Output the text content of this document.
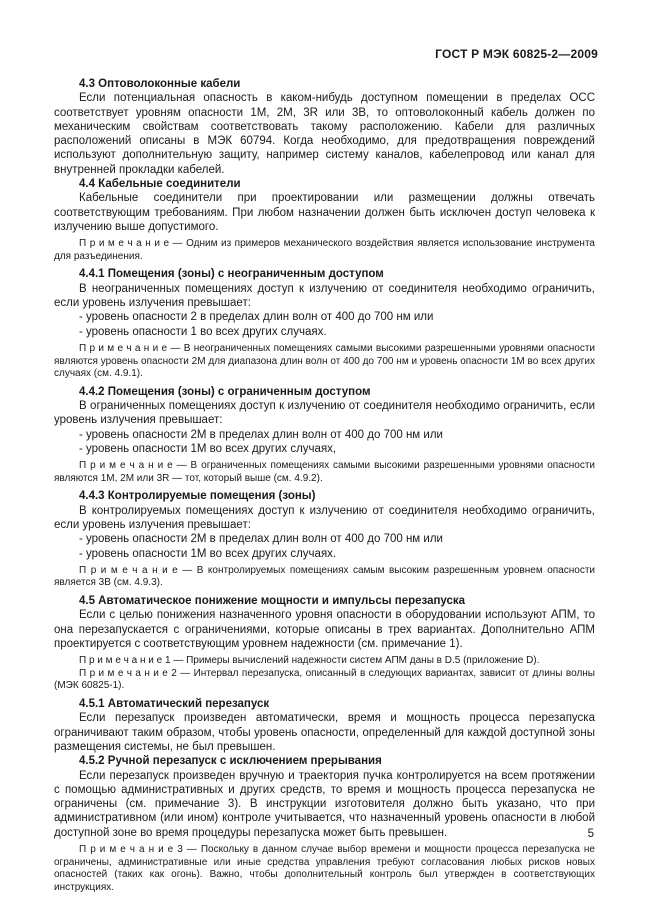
ГОСТ Р МЭК 60825-2—2009

4.3 Оптоволоконные кабели

Если потенциальная опасность в каком-нибудь доступном помещении в пределах ОСС соответствует уровням опасности 1М, 2М, 3R или 3В, то оптоволоконный кабель должен по механическим свойствам соответствовать такому расположению. Кабели для различных расположений описаны в МЭК 60794. Когда необходимо, для предотвращения повреждений используют дополнительную защиту, например систему каналов, кабелепровод или канал для внутренней прокладки кабелей.

4.4 Кабельные соединители

Кабельные соединители при проектировании или размещении должны отвечать соответствующим требованиям. При любом назначении должен быть исключен доступ человека к излучению выше допустимого.

П р и м е ч а н и е — Одним из примеров механического воздействия является использование инструмента для разъединения.

4.4.1 Помещения (зоны) с неограниченным доступом

В неограниченных помещениях доступ к излучению от соединителя необходимо ограничить, если уровень излучения превышает:

- уровень опасности 2 в пределах длин волн от 400 до 700 нм или

- уровень опасности 1 во всех других случаях.

П р и м е ч а н и е — В неограниченных помещениях самыми высокими разрешенными уровнями опасности являются уровень опасности 2М для диапазона длин волн от 400 до 700 нм и уровень опасности 1М во всех других случаях (см. 4.9.1).

4.4.2 Помещения (зоны) с ограниченным доступом

В ограниченных помещениях доступ к излучению от соединителя необходимо ограничить, если уровень излучения превышает:

- уровень опасности 2М в пределах длин волн от 400 до 700 нм или

- уровень опасности 1М во всех других случаях,

П р и м е ч а н и е — В ограниченных помещениях самыми высокими разрешенными уровнями опасности являются 1М, 2М или 3R — тот, который выше (см. 4.9.2).

4.4.3 Контролируемые помещения (зоны)

В контролируемых помещениях доступ к излучению от соединителя необходимо ограничить, если уровень излучения превышает:

- уровень опасности 2М в пределах длин волн от 400 до 700 нм или

- уровень опасности 1М во всех других случаях.

П р и м е ч а н и е — В контролируемых помещениях самым высоким разрешенным уровнем опасности является 3В (см. 4.9.3).

4.5 Автоматическое понижение мощности и импульсы перезапуска

Если с целью понижения назначенного уровня опасности в оборудовании используют АПМ, то она перезапускается с ограничениями, которые описаны в трех вариантах. Дополнительно АПМ проектируется с соответствующим уровнем надежности (см. примечание 1).

П р и м е ч а н и е 1 — Примеры вычислений надежности систем АПМ даны в D.5 (приложение D).

П р и м е ч а н и е 2 — Интервал перезапуска, описанный в следующих вариантах, зависит от длины волны (МЭК 60825-1).

4.5.1 Автоматический перезапуск

Если перезапуск произведен автоматически, время и мощность процесса перезапуска ограничивают таким образом, чтобы уровень опасности, определенный для каждой доступной зоны размещения системы, не был превышен.

4.5.2 Ручной перезапуск с исключением прерывания

Если перезапуск произведен вручную и траектория пучка контролируется на всем протяжении с помощью административных и других средств, то время и мощность процесса перезапуска не ограничены (см. примечание 3). В инструкции изготовителя должно быть указано, что при административном (или ином) контроле учитывается, что назначенный уровень опасности в любой доступной зоне во время процедуры перезапуска может быть превышен.

П р и м е ч а н и е 3 — Поскольку в данном случае выбор времени и мощности процесса перезапуска не ограничены, административные или иные средства управления требуют согласования любых рисков новых опасностей (таких как огонь). Важно, чтобы дополнительный контроль был утвержден в соответствующих инструкциях.

5
